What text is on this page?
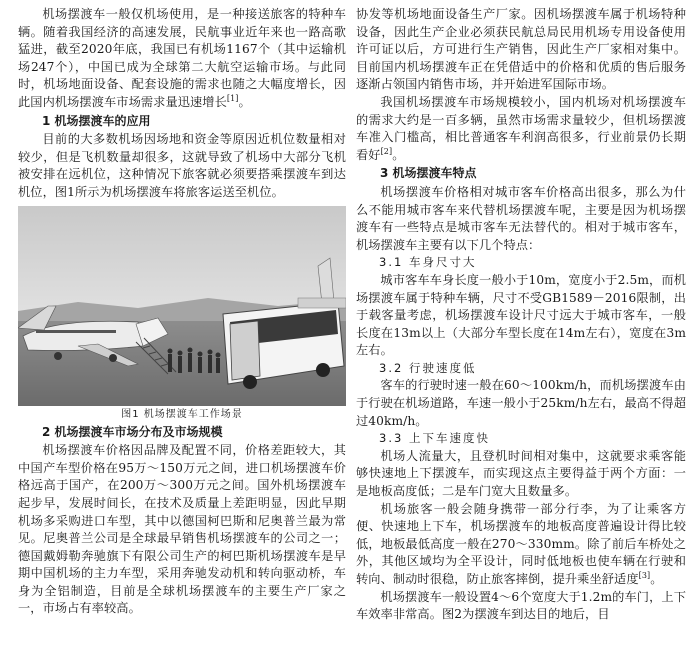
机场摆渡车一般仅机场使用，是一种接送旅客的特种车辆。随着我国经济的高速发展，民航事业近年来也一路高歌猛进，截至2020年底，我国已有机场1167个（其中运输机场247个），中国已成为全球第二大航空运输市场。与此同时，机场地面设备、配套设施的需求也随之大幅度增长，因此国内机场摆渡车市场需求量迅速增长[1]。

1 机场摆渡车的应用

目前的大多数机场因场地和资金等原因近机位数量相对较少，但是飞机数量却很多，这就导致了机场中大部分飞机被安排在远机位，这种情况下旅客就必须要搭乘摆渡车到达机位，图1所示为机场摆渡车将旅客运送至机位。

图1 机场摆渡车工作场景

2 机场摆渡车市场分布及市场规模

机场摆渡车价格因品牌及配置不同，价格差距较大，其中国产车型价格在95万～150万元之间，进口机场摆渡车价格远高于国产，在200万～300万元之间。国外机场摆渡车起步早，发展时间长，在技术及质量上差距明显，因此早期机场多采购进口车型，其中以德国柯巴斯和尼奥普兰最为常见。尼奥普兰公司是全球最早销售机场摆渡车的公司之一；德国戴姆勒奔驰旗下有限公司生产的柯巴斯机场摆渡车是早期中国机场的主力车型，采用奔驰发动机和转向驱动桥，车身为全铝制造，目前是全球机场摆渡车的主要生产厂家之一，市场占有率较高。

协发等机场地面设备生产厂家。因机场摆渡车属于机场特种设备，因此生产企业必须获民航总局民用机场专用设备使用许可证以后，方可进行生产销售，因此生产厂家相对集中。目前国内机场摆渡车正在凭借适中的价格和优质的售后服务逐渐占领国内销售市场，并开始进军国际市场。

我国机场摆渡车市场规模较小，国内机场对机场摆渡车的需求大约是一百多辆，虽然市场需求量较少，但机场摆渡车准入门槛高，相比普通客车利润高很多，行业前景仍长期看好[2]。

3 机场摆渡车特点

机场摆渡车价格相对城市客车价格高出很多，那么为什么不能用城市客车来代替机场摆渡车呢，主要是因为机场摆渡车有一些特点是城市客车无法替代的。相对于城市客车，机场摆渡车主要有以下几个特点：

3.1 车身尺寸大

城市客车车身长度一般小于10m，宽度小于2.5m，而机场摆渡车属于特种车辆，尺寸不受GB1589－2016限制，出于载客量考虑，机场摆渡车设计尺寸远大于城市客车，一般长度在13m以上（大部分车型长度在14m左右），宽度在3m左右。

3.2 行驶速度低

客车的行驶时速一般在60～100km/h，而机场摆渡车由于行驶在机场道路，车速一般小于25km/h左右，最高不得超过40km/h。

3.3 上下车速度快

机场人流量大，且登机时间相对集中，这就要求乘客能够快速地上下摆渡车，而实现这点主要得益于两个方面：一是地板高度低；二是车门宽大且数量多。

机场旅客一般会随身携带一部分行李，为了让乘客方便、快速地上下车，机场摆渡车的地板高度普遍设计得比较低，地板最低高度一般在270～330mm。除了前后车桥处之外，其他区域均为全平设计，同时低地板也使车辆在行驶和转向、制动时很稳，防止旅客摔倒，提升乘坐舒适度[3]。

机场摆渡车一般设置4～6个宽度大于1.2m的车门，上下车效率非常高。图2为摆渡车到达目的地后，目
